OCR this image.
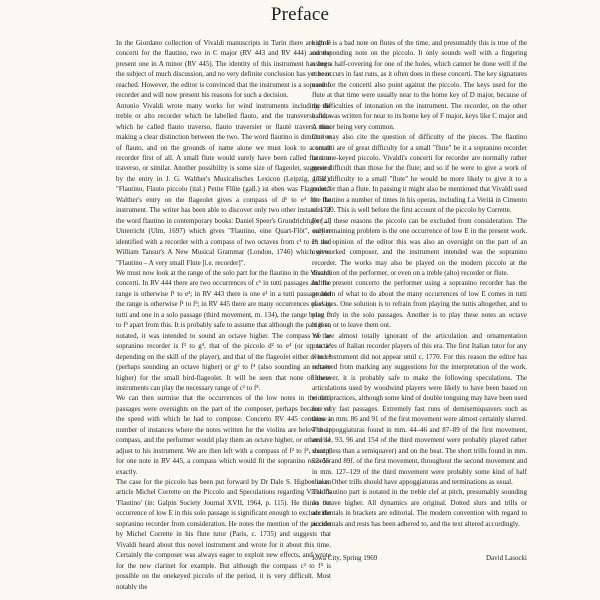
Preface

In the Giordano collection of Vivaldi manuscripts in Turin there are three concerti for the flautino, two in C major (RV 443 and RV 444) and the present one in A minor (RV 445). The identity of this instrument has been the subject of much discussion, and no very definite conclusion has yet been reached. However, the editor is convinced that the instrument is a sopranino recorder and will now present his reasons for such a decision.

Antonio Vivaldi wrote many works for wind instruments including the treble or alto recorder which he labelled flauto, and the transverse flute which he called flauto traverso, flauto traversier or flauté travers, thus making a clear distinction between the two. The word flautino is diminutive of flauto, and on the grounds of name alone we must look to a small recorder first of all. A small flute would surely have been called flautino traverso, or similar. Another possibility is some size of flageolet, suggested by the entry in J. G. Walther's Musicalisches Lexicon (Leipzig, 1732): "Flautino, Flauto piccolo (ital.) Petite Flûte (gall.) ist eben was Flageolet." Walther's entry on the flageolet gives a compass of d¹ to e³ for the instrument. The writer has been able to discover only two other instances of the word flautino in contemporary books: Daniel Speer's Grundrichtiger [...] Unterricht (Ulm, 1697) which gives "Flautino, eine Quart-Flöt", earlier identified with a recorder with a compass of two octaves from c¹ to c³; and William Tansur's A New Musical Grammar (London, 1746) which gives "Flautino – A very small Flute [i.e. recorder]".

We must now look at the range of the solo part for the flautino in the Vivaldi concerti. In RV 444 there are two occurrences of c¹ in tutti passages and the range is otherwise f¹ to e³; in RV 443 there is one e¹ in a tutti passage and the range is otherwise f¹ to f³; in RV 445 there are many occurrences of e¹ in tutti and one in a solo passage (third movement, m. 134), the range being f¹ to f³ apart from this. It is probably safe to assume that although the part is so notated, it was intended to sound an octave higher. The compass of the sopranino recorder is f² to g⁴, that of the piccolo d² to e⁴ (or up to a⁴ depending on the skill of the player), and that of the flageolet either d² to e⁴ (perhaps sounding an octave higher) or g² to f⁴ (also sounding an octave higher) for the small bird-flageolet. It will be seen that none of these instruments can play the necessary range of c² to f⁴.

We can then surmise that the occurrences of the low notes in the tutti passages were oversights on the part of the composer, perhaps because of the speed with which he had to compose. Concerto RV 445 contains a number of instances where the notes written for the violins are below their compass, and the performer would play them an octave higher, or otherwise adjust to his instrument. We are then left with a compass of f² to f⁴, except for one note in RV 445, a compass which would fit the sopranino recorder exactly.

The case for the piccolo has been put forward by Dr Dale S. Higbee in an article Michel Corrette on the Piccolo and Speculations regarding Vivaldi's 'Flautino' (in: Galpin Society Journal XVII, 1964, p. 115). He thinks the occurrence of low E in this solo passage is significant enough to exclude the sopranino recorder from consideration. He notes the mention of the piccolo by Michel Corrette in his flute tutor (Paris, c. 1735) and suggests that Vivaldi heard about this novel instrument and wrote for it about this time. Certainly the composer was always eager to exploit new effects, and wrote for the new clarinet for example. But although the compass c² to f⁴ is possible on the onekeyed piccolo of the period, it is very difficult. Most notably the

high F is a bad note on flutes of the time, and presumably this is true of the corresponding note on the piccolo. It only sounds well with a fingering using a half-covering for one of the holes, which cannot be done well if the note occurs in fast runs, as it often does in these concerti. The key signatures used for the concerti also point against the piccolo. The keys used for the flute at that time were usually near to the home key of D major, because of the difficulties of intonation on the instrument. The recorder, on the other hand, was written for near to its home key of F major, keys like C major and A minor being very common.

One may also cite the question of difficulty of the pieces. The flautino concerti are of great difficulty for a small "flute" be it a sopranino recorder or a one-keyed piccolo. Vivaldi's concerti for recorder are normally rather more difficult than those for the flute; and so if he were to give a work of great difficulty to a small "flute" he would be more likely to give it to a recorder than a flute. In passing it might also be mentioned that Vivaldi used the flautino a number of times in his operas, including La Verità in Cimento of 1720. This is well before the first account of the piccolo by Corrette.

For all these reasons the piccolo can be excluded from consideration. The only remaining problem is the one occurrence of low E in the present work. In the opinion of the editor this was also an oversight on the part of an overworked composer, and the instrument intended was the sopranino recorder. The works may also be played on the modern piccolo at the discretion of the performer, or even on a treble (alto) recorder or flute.

In the present concerto the performer using a sopranino recorder has the problem of what to do about the many occurrences of low E comes in tutti passages. One solution is to refrain from playing the tuttis altogether, and to play only in the solo passages. Another is to play these notes an octave higher, or to leave them out.

We are almost totally ignorant of the articulation and ornamentation practices of Italian recorder players of this era. The first Italian tutor for any wind instrument did not appear until c. 1770. For this reason the editor has refrained from marking any suggestions for the interpretation of the work. However, it is probably safe to make the following speculations. The articulations used by woodwind players were likely to have been based on violin practices, although some kind of double tonguing may have been used for very fast passages. Extremely fast runs of demisemiquavers such as those in mm. 86 and 91 of the first movement were almost certainly slurred. The appoggiaturas found in mm. 44–46 and 87–89 of the first movement, and 11, 93, 96 and 154 of the third movement were probably played rather short (less than a semiquaver) and on the beat. The short trills found in mm. 52–55 and 89f. of the first movement, throughout the second movement and in mm. 127–129 of the third movement were probably some kind of half shake. Other trills should have appoggiaturas and terminations as usual.

The flautino part is notated in the treble clef at pitch, presumably sounding an octave higher. All dynamics are original. Dotted slurs and trills or accidentals in brackets are editorial. The modern convention with regard to accidentals and rests has been adhered to, and the text altered accordingly.

Iowa City, Spring 1969	David Lasocki
